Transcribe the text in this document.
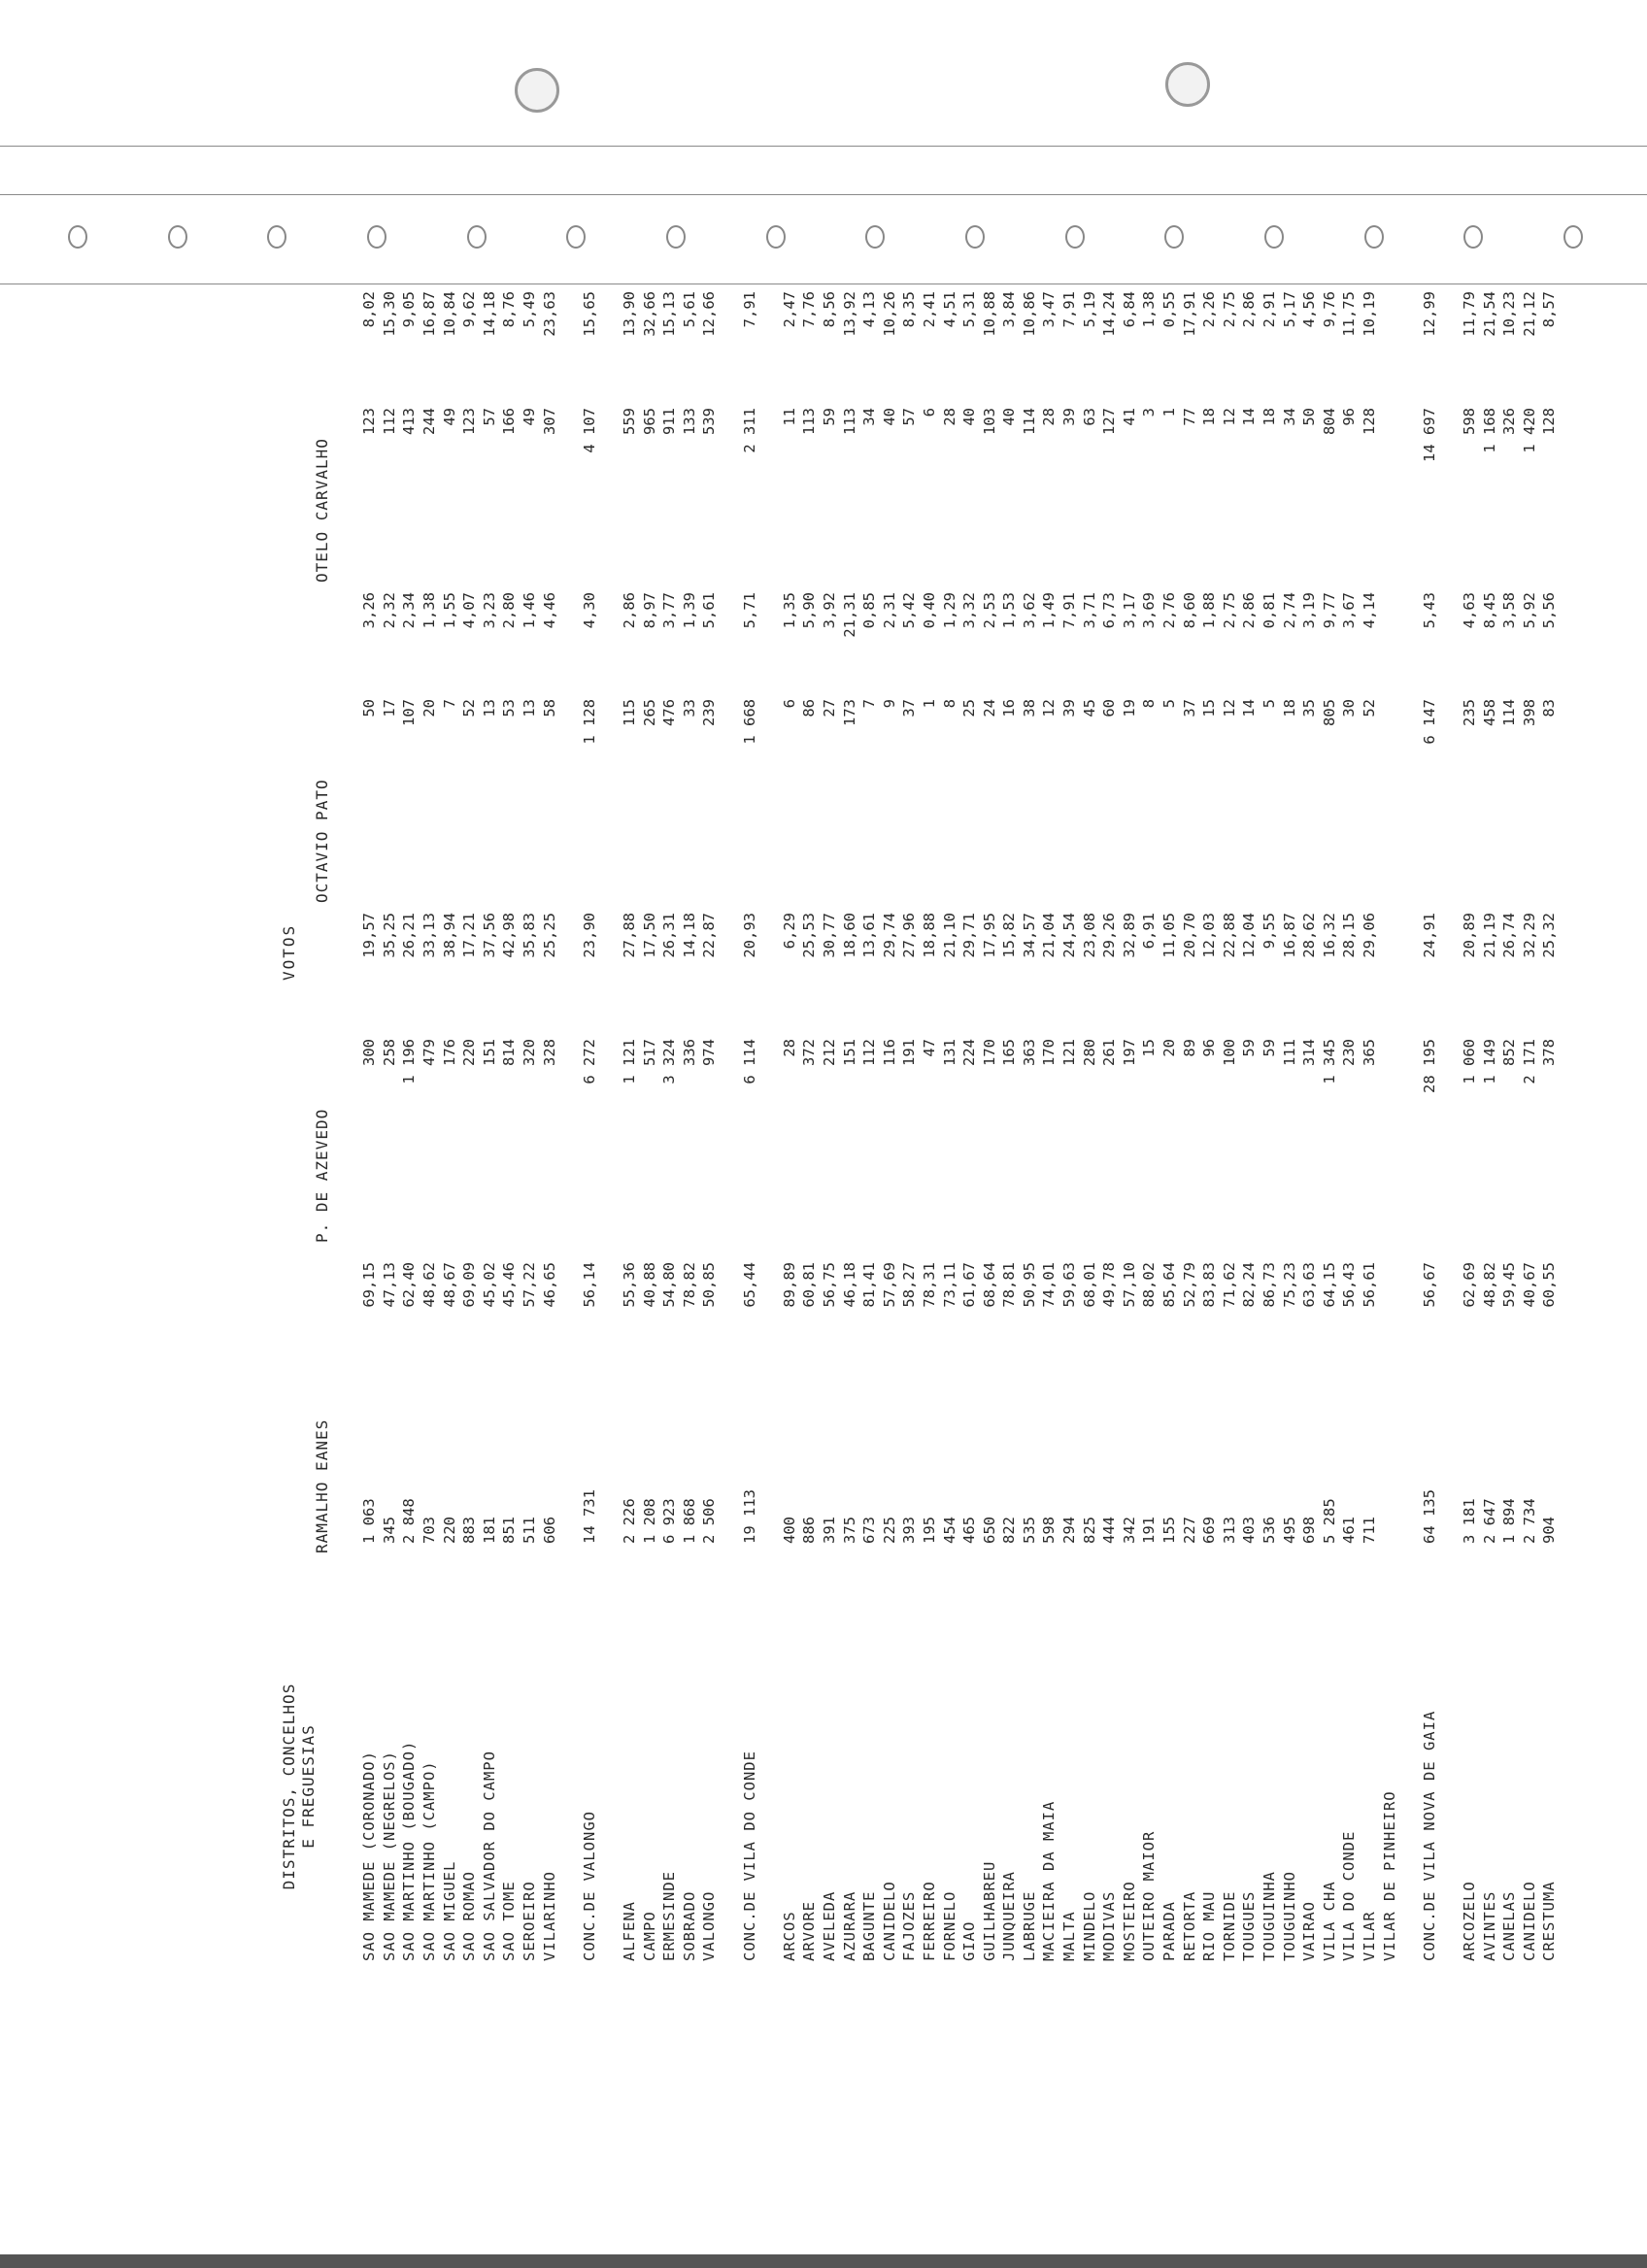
DISTRITOS, CONCELHOS
E FREGUESIAS
VOTOS
RAMALHO EANES
P. DE AZEVEDO
OCTAVIO PATO
OTELO CARVALHO
SAO MAMEDE (CORONADO)
1 063
69,15
300
19,57
50
3,26
123
8,02
SAO MAMEDE (NEGRELOS)
345
47,13
258
35,25
17
2,32
112
15,30
SAO MARTINHO (BOUGADO)
2 848
62,40
1 196
26,21
107
2,34
413
9,05
SAO MARTINHO (CAMPO)
703
48,62
479
33,13
20
1,38
244
16,87
SAO MIGUEL
220
48,67
176
38,94
7
1,55
49
10,84
SAO ROMAO
883
69,09
220
17,21
52
4,07
123
9,62
SAO SALVADOR DO CAMPO
181
45,02
151
37,56
13
3,23
57
14,18
SAO TOME
851
45,46
814
42,98
53
2,80
166
8,76
SEROEIRO
511
57,22
320
35,83
13
1,46
49
5,49
VILARINHO
606
46,65
328
25,25
58
4,46
307
23,63
CONC.DE VALONGO
14 731
56,14
6 272
23,90
1 128
4,30
4 107
15,65
ALFENA
2 226
55,36
1 121
27,88
115
2,86
559
13,90
CAMPO
1 208
40,88
517
17,50
265
8,97
965
32,66
ERMESINDE
6 923
54,80
3 324
26,31
476
3,77
911
15,13
SOBRADO
1 868
78,82
336
14,18
33
1,39
133
5,61
VALONGO
2 506
50,85
974
22,87
239
5,61
539
12,66
CONC.DE VILA DO CONDE
19 113
65,44
6 114
20,93
1 668
5,71
2 311
7,91
ARCOS
400
89,89
28
6,29
6
1,35
11
2,47
ARVORE
886
60,81
372
25,53
86
5,90
113
7,76
AVELEDA
391
56,75
212
30,77
27
3,92
59
8,56
AZURARA
375
46,18
151
18,60
173
21,31
113
13,92
BAGUNTE
673
81,41
112
13,61
7
0,85
34
4,13
CANIDELO
225
57,69
116
29,74
9
2,31
40
10,26
FAJOZES
393
58,27
191
27,96
37
5,42
57
8,35
FERREIRO
195
78,31
47
18,88
1
0,40
6
2,41
FORNELO
454
73,11
131
21,10
8
1,29
28
4,51
GIAO
465
61,67
224
29,71
25
3,32
40
5,31
GUILHABREU
650
68,64
170
17,95
24
2,53
103
10,88
JUNQUEIRA
822
78,81
165
15,82
16
1,53
40
3,84
LABRUGE
535
50,95
363
34,57
38
3,62
114
10,86
MACIEIRA DA MAIA
598
74,01
170
21,04
12
1,49
28
3,47
MALTA
294
59,63
121
24,54
39
7,91
39
7,91
MINDELO
825
68,01
280
23,08
45
3,71
63
5,19
MODIVAS
444
49,78
261
29,26
60
6,73
127
14,24
MOSTEIRO
342
57,10
197
32,89
19
3,17
41
6,84
OUTEIRO MAIOR
191
88,02
15
6,91
8
3,69
3
1,38
PARADA
155
85,64
20
11,05
5
2,76
1
0,55
RETORTA
227
52,79
89
20,70
37
8,60
77
17,91
RIO MAU
669
83,83
96
12,03
15
1,88
18
2,26
TORNIDE
313
71,62
100
22,88
12
2,75
12
2,75
TOUGUES
403
82,24
59
12,04
14
2,86
14
2,86
TOUGUINHA
536
86,73
59
9,55
5
0,81
18
2,91
TOUGUINHO
495
75,23
111
16,87
18
2,74
34
5,17
VAIRAO
698
63,63
314
28,62
35
3,19
50
4,56
VILA CHA
5 285
64,15
1 345
16,32
805
9,77
804
9,76
VILA DO CONDE
461
56,43
230
28,15
30
3,67
96
11,75
VILAR
711
56,61
365
29,06
52
4,14
128
10,19
VILAR DE PINHEIRO CONC.DE VILA NOVA DE GAIA
64 135
56,67
28 195
24,91
6 147
5,43
14 697
12,99
ARCOZELO
3 181
62,69
1 060
20,89
235
4,63
598
11,79
AVINTES
2 647
48,82
1 149
21,19
458
8,45
1 168
21,54
CANELAS
1 894
59,45
852
26,74
114
3,58
326
10,23
CANIDELO
2 734
40,67
2 171
32,29
398
5,92
1 420
21,12
CRESTUMA
904
60,55
378
25,32
83
5,56
128
8,57
